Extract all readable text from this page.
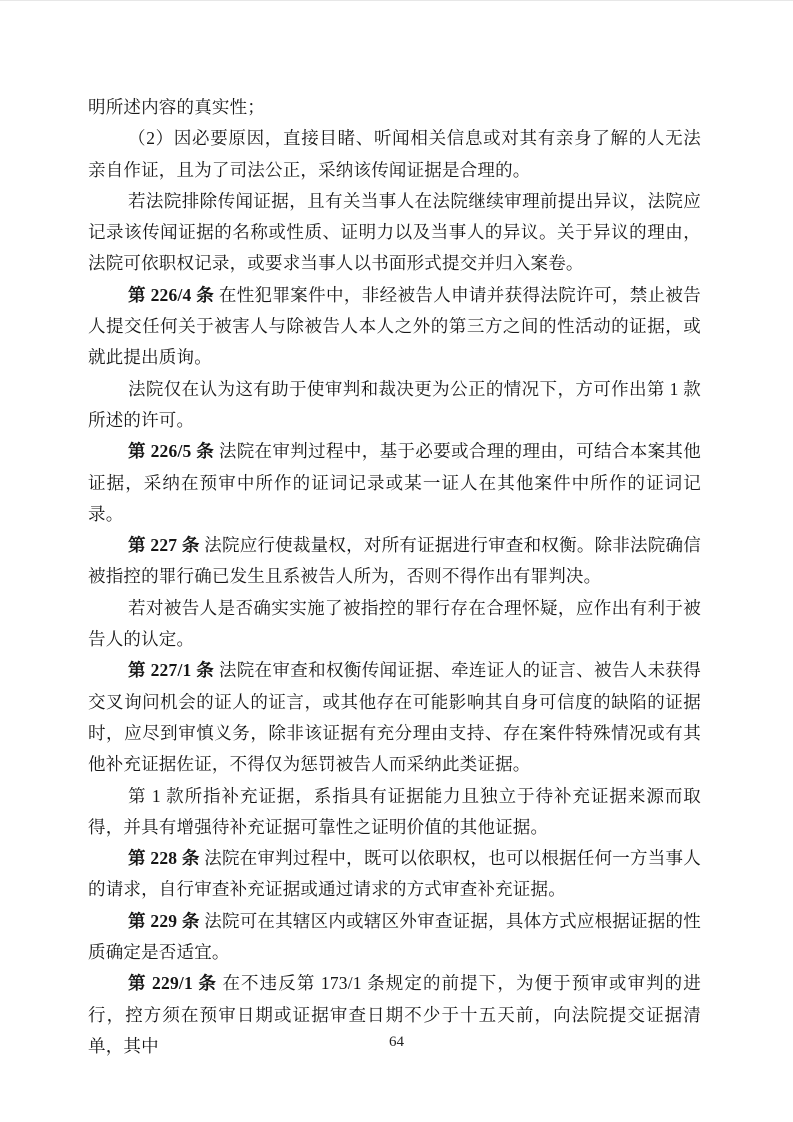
明所述内容的真实性；

（2）因必要原因，直接目睹、听闻相关信息或对其有亲身了解的人无法亲自作证，且为了司法公正，采纳该传闻证据是合理的。

若法院排除传闻证据，且有关当事人在法院继续审理前提出异议，法院应记录该传闻证据的名称或性质、证明力以及当事人的异议。关于异议的理由，法院可依职权记录，或要求当事人以书面形式提交并归入案卷。

第 226/4 条 在性犯罪案件中，非经被告人申请并获得法院许可，禁止被告人提交任何关于被害人与除被告人本人之外的第三方之间的性活动的证据，或就此提出质询。

法院仅在认为这有助于使审判和裁决更为公正的情况下，方可作出第 1 款所述的许可。

第 226/5 条 法院在审判过程中，基于必要或合理的理由，可结合本案其他证据，采纳在预审中所作的证词记录或某一证人在其他案件中所作的证词记录。

第 227 条 法院应行使裁量权，对所有证据进行审查和权衡。除非法院确信被指控的罪行确已发生且系被告人所为，否则不得作出有罪判决。

若对被告人是否确实实施了被指控的罪行存在合理怀疑，应作出有利于被告人的认定。

第 227/1 条 法院在审查和权衡传闻证据、牵连证人的证言、被告人未获得交叉询问机会的证人的证言，或其他存在可能影响其自身可信度的缺陷的证据时，应尽到审慎义务，除非该证据有充分理由支持、存在案件特殊情况或有其他补充证据佐证，不得仅为惩罚被告人而采纳此类证据。

第 1 款所指补充证据，系指具有证据能力且独立于待补充证据来源而取得，并具有增强待补充证据可靠性之证明价值的其他证据。

第 228 条 法院在审判过程中，既可以依职权，也可以根据任何一方当事人的请求，自行审查补充证据或通过请求的方式审查补充证据。

第 229 条 法院可在其辖区内或辖区外审查证据，具体方式应根据证据的性质确定是否适宜。

第 229/1 条 在不违反第 173/1 条规定的前提下，为便于预审或审判的进行，控方须在预审日期或证据审查日期不少于十五天前，向法院提交证据清单，其中	64
